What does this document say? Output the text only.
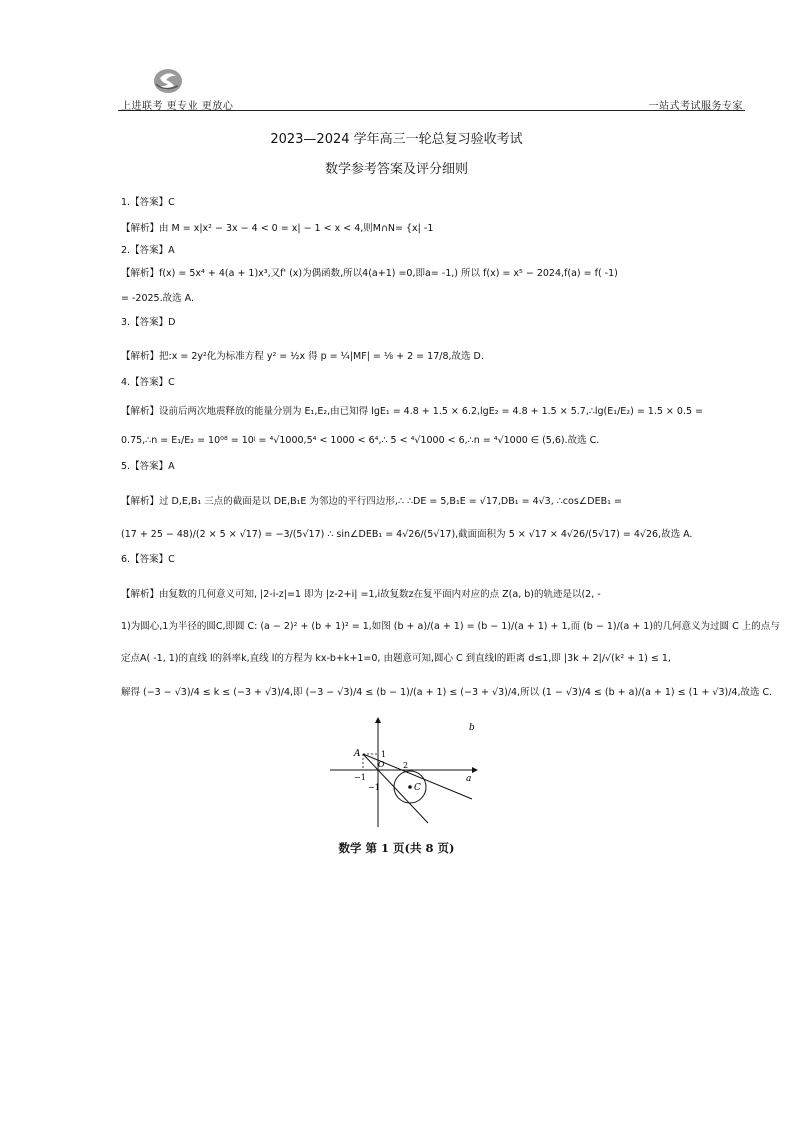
上进联考 更专业 更放心	一站式考试服务专家
2023—2024 学年高三一轮总复习验收考试
数学参考答案及评分细则
1.【答案】C
【解析】由 M = x|x² − 3x − 4 < 0 = x| − 1 < x < 4,则M∩N= {x| -1
2.【答案】A
【解析】f(x) = 5x⁴ + 4(a + 1)x³,又f' (x)为偶函数,所以4(a+1) =0,即a= -1,) 所以 f(x) = x⁵ − 2024,f(a) = f( -1)
= -2025.故选 A.
3.【答案】D
【解析】把:x = 2y²化为标准方程 y² = ½x 得 p = ¼|MF| = ⅛ + 2 = 17/8,故选 D.
4.【答案】C
【解析】设前后两次地震释放的能量分别为 E₁,E₂,由已知得 lgE₁ = 4.8 + 1.5 × 6.2,lgE₂ = 4.8 + 1.5 × 5.7,∴lg(E₁/E₂) = 1.5 × 0.5 =
0.75,∴n = E₁/E₂ = 10⁰⁸ = 10ʲ = ⁴√1000,5⁴ < 1000 < 6⁴,∴ 5 < ⁴√1000 < 6,∴n = ⁴√1000 ∈ (5,6).故选 C.
5.【答案】A
【解析】过 D,E,B₁ 三点的截面是以 DE,B₁E 为邻边的平行四边形,∴ ∴DE = 5,B₁E = √17,DB₁ = 4√3, ∴cos∠DEB₁ =
(17 + 25 − 48)/(2 × 5 × √17) = −3/(5√17) ∴ sin∠DEB₁ = 4√26/(5√17),截面面积为 5 × √17 × 4√26/(5√17) = 4√26,故选 A.
6.【答案】C
【解析】由复数的几何意义可知, |2-i-z|=1 即为 |z-2+i| =1,i故复数z在复平面内对应的点 Z(a, b)的轨迹是以(2, -
1)为圆心,1为半径的圆C,即圆 C: (a − 2)² + (b + 1)² = 1,如图 (b + a)/(a + 1) = (b − 1)/(a + 1) + 1,而 (b − 1)/(a + 1)的几何意义为过圆 C 上的点与
定点A( -1, 1)的直线 l的斜率k,直线 l的方程为 kx-b+k+1=0, 由题意可知,圆心 C 到直线l的距离 d≤1,即 |3k + 2|/√(k² + 1) ≤ 1,
解得 (−3 − √3)/4 ≤ k ≤ (−3 + √3)/4,即 (−3 − √3)/4 ≤ (b − 1)/(a + 1) ≤ (−3 + √3)/4,所以 (1 − √3)/4 ≤ (b + a)/(a + 1) ≤ (1 + √3)/4,故选 C.
b
a
A
O
1
−1
−1
2
C
数学 第 1 页(共 8 页)
